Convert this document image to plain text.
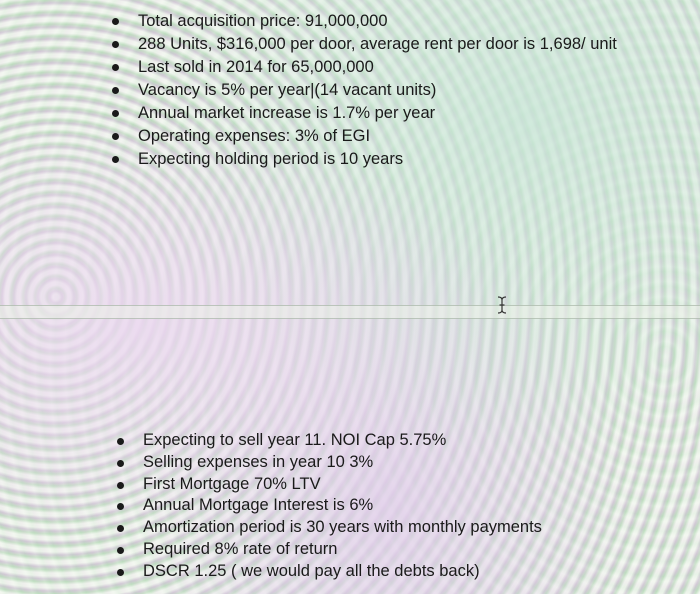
Total acquisition price: 91,000,000
288 Units, $316,000 per door, average rent per door is 1,698/ unit
Last sold in 2014 for 65,000,000
Vacancy is 5% per year|(14 vacant units)
Annual market increase is 1.7% per year
Operating expenses: 3% of EGI
Expecting holding period is 10 years
Expecting to sell year 11. NOI Cap 5.75%
Selling expenses in year 10 3%
First Mortgage 70% LTV
Annual Mortgage Interest is 6%
Amortization period is 30 years with monthly payments
Required 8% rate of return
DSCR 1.25 ( we would pay all the debts back)
